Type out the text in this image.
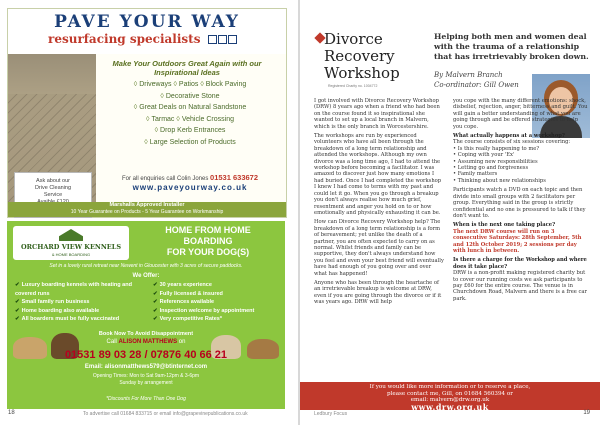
PAVE YOUR WAY
resurfacing specialists
Ask about our
Drive Cleaning
Service
Make Your Outdoors Great Again with our Inspirational Ideas
◊ Driveways ◊ Patios ◊ Block Paving
◊ Decorative Stone
◊ Great Deals on Natural Sandstone
◊ Tarmac ◊ Vehicle Crossing
◊ Drop Kerb Entrances
◊ Large Selection of Products
For all enquiries call Colin Jones 01531 633672
www.paveyourway.co.uk
Marshalls Approved Installer
10 Year Guarantee on Products - 5 Year Guarantee on Workmanship
ORCHARD VIEW KENNELS
& HOME BOARDING
HOME FROM HOME
BOARDING
FOR YOUR DOG(S)
Set in a lovely rural retreat near Newent in Gloucester with 3 acres of secure paddocks.
We Offer:
✔ Luxury boarding kennels with heating and covered runs
✔ Small family run business
✔ Home boarding also available
✔ All boarders must be fully vaccinated
✔ 30 years experience
✔ Fully licensed & insured
✔ References available
✔ Inspection welcome by appointment
✔ Very competitive Rates*
Book Now To Avoid Disappointment
Call ALISON MATTHEWS on
01531 89 03 28 / 07876 40 66 21
Email: alisonmatthews579@btinternet.com
Opening Times: Mon to Sat 9am-12pm & 3-6pm
Sunday by arrangement
*Discounts For More Than One Dog
18	To advertise call 01684 833715 or email info@grapevinepublications.co.uk
Divorce
Recovery
Workshop
Registered Charity no. 1004772
Helping both men and women deal with the trauma of a relationship that has irretrievably broken down.
By Malvern Branch
Co-ordinator: Gill Owen

I got involved with Divorce Recovery Workshop (DRW) 8 years ago when a friend who had been on the course found it so inspirational she wanted to set up a local branch in Malvern, which is the only branch in Worcestershire.

The workshops are run by experienced volunteers who have all been through the breakdown of a long term relationship and attended the workshops. Although my own divorce was a long time ago, I had to attend the workshop before becoming a facilitator. I was amazed to discover just how many emotions I had buried. Once I had completed the workshop I knew I had come to terms with my past and could let it go. When you go through a breakup you don't always realise how much grief, resentment and anger you hold on to or how emotionally and physically exhausting it can be.

How can Divorce Recovery Workshop help? The breakdown of a long term relationship is a form of bereavement; yet unlike the death of a partner, you are often expected to carry on as normal. Whilst friends and family can be supportive, they don't always understand how you feel and even your best friend will eventually have had enough of you going over and over what has happened!

Anyone who has been through the heartache of an irretrievable breakup is welcome at DRW, even if you are going through the divorce or if it was years ago. DRW will help

you cope with the many different emotions: shock, disbelief, rejection, anger, bitterness and guilt. You will gain a better understanding of what you are going through and be offered strategies to help you cope.

What actually happens at a workshop?
The course consists of six sessions covering:
• Is this really happening to me?
• Coping with your 'Ex'
• Assuming new responsibilities
• Letting go and forgiveness
• Family matters
• Thinking about new relationships

Participants watch a DVD on each topic and then divide into small groups with 2 facilitators per group. Everything said in the group is strictly confidential and no one is pressured to talk if they don't want to.

When is the next one taking place?
The next DRW course will run on 3 consecutive Saturdays: 28th September, 5th and 12th October 2019; 2 sessions per day with lunch in between.

Is there a charge for the Workshop and where does it take place?
DRW is a non-profit making registered charity but to cover our running costs we ask participants to pay £60 for the entire course. The venue is in Churchdown Road, Malvern and there is a free car park.

If you would like more information or to reserve a place,
please contact me, Gill, on 01684 560394 or
email: malvern@drw.org.uk
www.drw.org.uk
Ledbury Focus	19
